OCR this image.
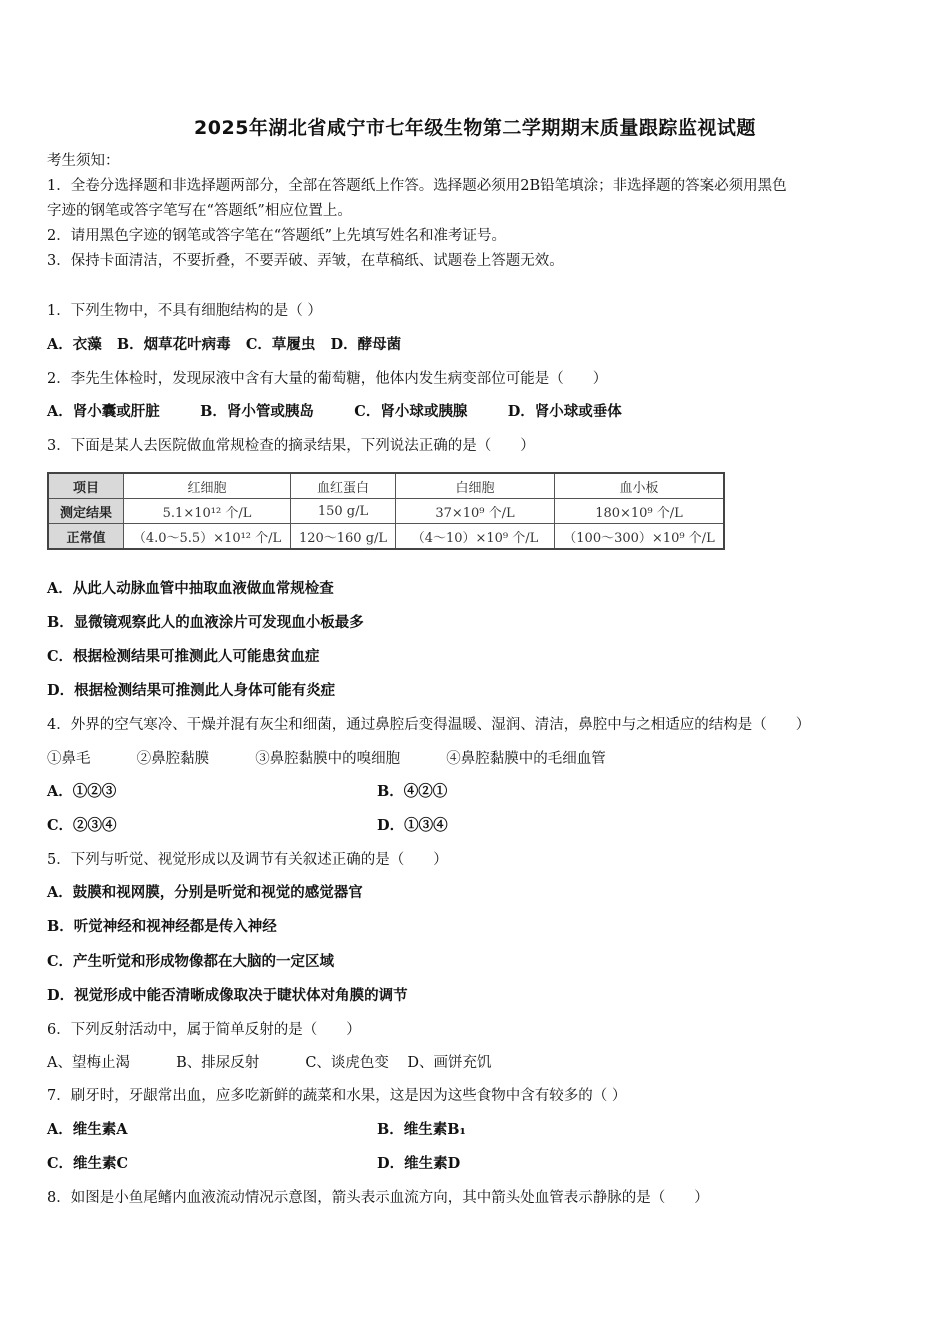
2025年湖北省咸宁市七年级生物第二学期期末质量跟踪监视试题
考生须知：
1．全卷分选择题和非选择题两部分，全部在答题纸上作答。选择题必须用2B铅笔填涂；非选择题的答案必须用黑色
字迹的钢笔或答字笔写在“答题纸”相应位置上。
2．请用黑色字迹的钢笔或答字笔在“答题纸”上先填写姓名和准考证号。
3．保持卡面清洁，不要折叠，不要弄破、弄皱，在草稿纸、试题卷上答题无效。
1．下列生物中，不具有细胞结构的是（ ）
A．衣藻 B．烟草花叶病毒 C．草履虫 D．酵母菌
2．李先生体检时，发现尿液中含有大量的葡萄糖，他体内发生病变部位可能是（　　）
A．肾小囊或肝脏	B．肾小管或胰岛	C．肾小球或胰腺	D．肾小球或垂体
3．下面是某人去医院做血常规检查的摘录结果，下列说法正确的是（　　）
项目	红细胞	血红蛋白	白细胞	血小板
测定结果	5.1×10¹² 个/L	150 g/L	37×10⁹ 个/L	180×10⁹ 个/L
正常值	（4.0～5.5）×10¹² 个/L	120～160 g/L	（4～10）×10⁹ 个/L	（100～300）×10⁹ 个/L
A．从此人动脉血管中抽取血液做血常规检查
B．显微镜观察此人的血液涂片可发现血小板最多
C．根据检测结果可推测此人可能患贫血症
D．根据检测结果可推测此人身体可能有炎症
4．外界的空气寒冷、干燥并混有灰尘和细菌，通过鼻腔后变得温暖、湿润、清洁，鼻腔中与之相适应的结构是（　　）
①鼻毛	②鼻腔黏膜	③鼻腔黏膜中的嗅细胞	④鼻腔黏膜中的毛细血管
A．①②③	B．④②①
C．②③④	D．①③④
5．下列与听觉、视觉形成以及调节有关叙述正确的是（　　）
A．鼓膜和视网膜，分别是听觉和视觉的感觉器官
B．听觉神经和视神经都是传入神经
C．产生听觉和形成物像都在大脑的一定区域
D．视觉形成中能否清晰成像取决于睫状体对角膜的调节
6．下列反射活动中，属于简单反射的是（　　）
A、望梅止渴	B、排尿反射	C、谈虎色变 D、画饼充饥
7．刷牙时，牙龈常出血，应多吃新鲜的蔬菜和水果，这是因为这些食物中含有较多的（ ）
A．维生素A	B．维生素B₁
C．维生素C	D．维生素D
8．如图是小鱼尾鳍内血液流动情况示意图，箭头表示血流方向，其中箭头处血管表示静脉的是（　　）
